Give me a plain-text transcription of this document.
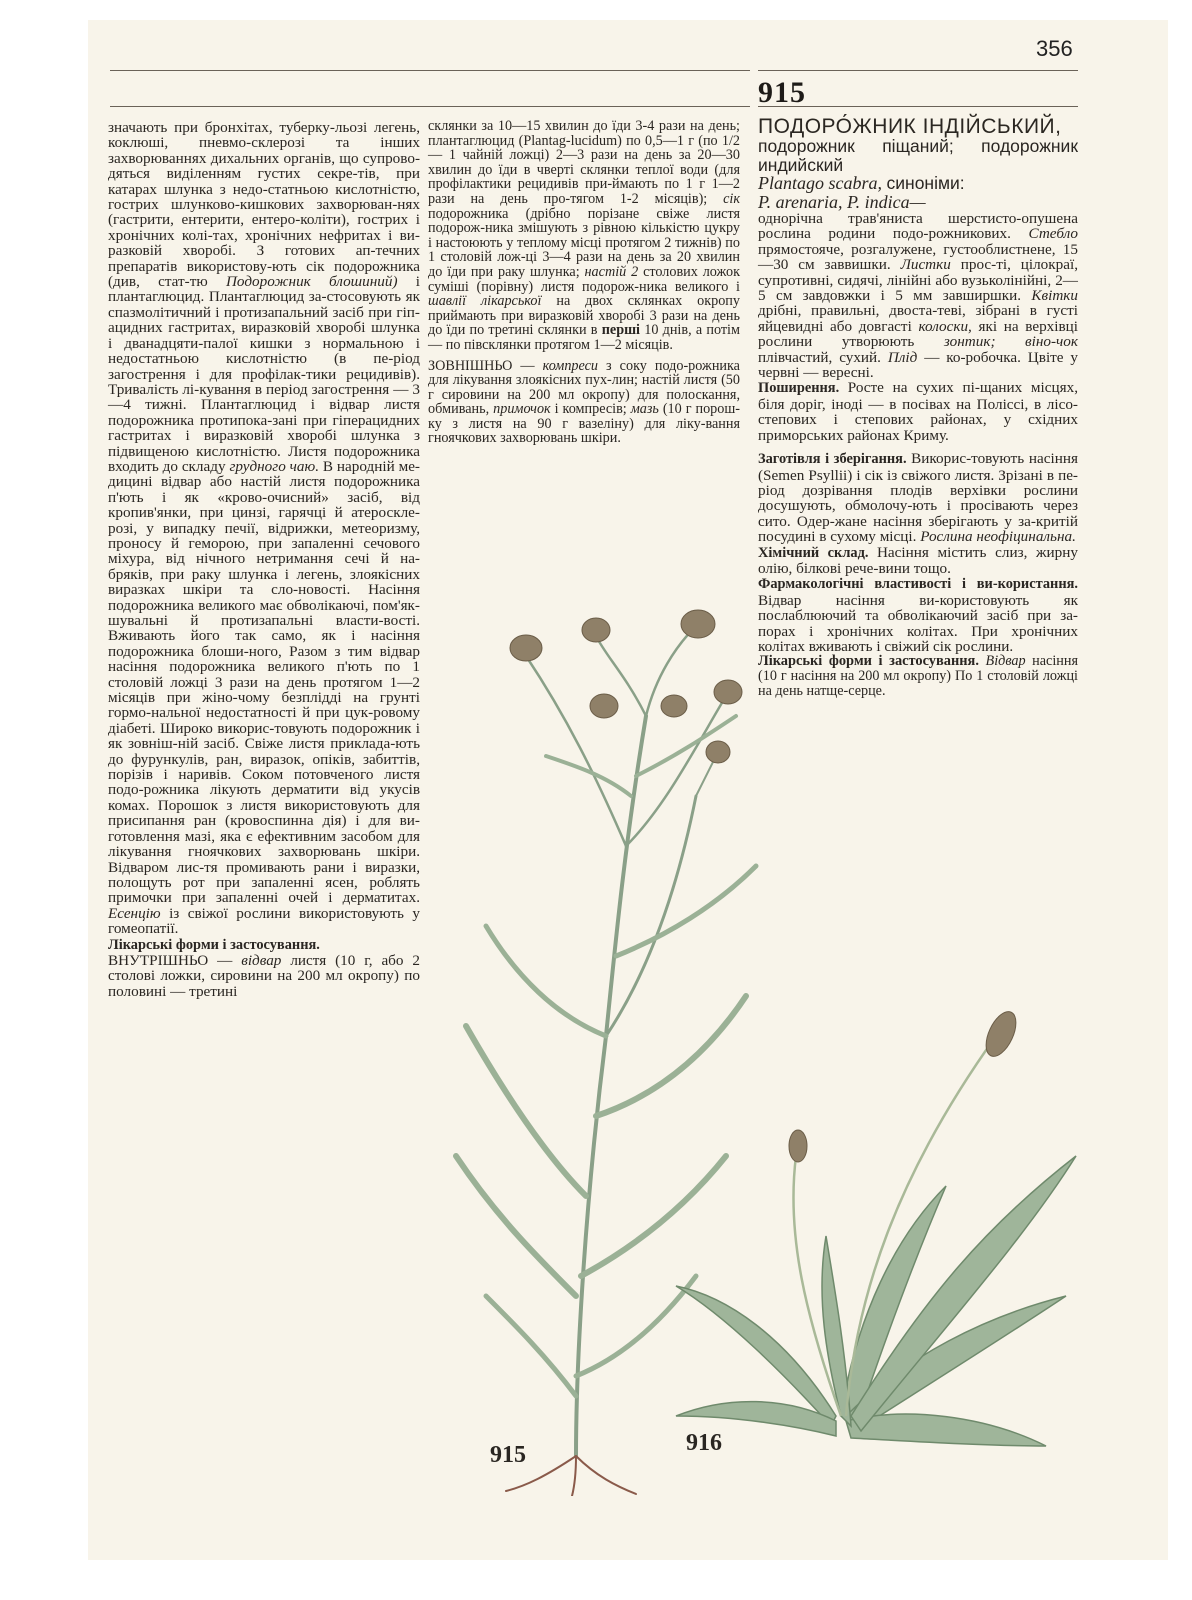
356
915

значають при бронхітах, туберку-льозі легень, коклюші, пневмо-склерозі та інших захворюваннях дихальних органів, що супрово-дяться виділенням густих секре-тів, при катарах шлунка з недо-статньою кислотністю, гострих шлунково-кишкових захворюван-нях (гастрити, ентерити, ентеро-коліти), гострих і хронічних колі-тах, хронічних нефритах і ви-разковій хворобі. З готових ап-течних препаратів використову-ють сік подорожника (див, стат-тю Подорожник блошиний) і плантаглюцид. Плантаглюцид за-стосовують як спазмолітичний і протизапальний засіб при гіп-ацидних гастритах, виразковій хворобі шлунка і дванадцяти-палої кишки з нормальною і недостатньою кислотністю (в пе-ріод загострення і для профілак-тики рецидивів). Тривалість лі-кування в період загострення — 3—4 тижні. Плантаглюцид і відвар листя подорожника протипока-зані при гіперацидних гастритах і виразковій хворобі шлунка з підвищеною кислотністю. Листя подорожника входить до складу грудного чаю. В народній ме-дицині відвар або настій листя подорожника п'ють і як «крово-очисний» засіб, від кропив'янки, при цинзі, гарячці й атероскле-розі, у випадку печії, відрижки, метеоризму, проносу й геморою, при запаленні сечового міхура, від нічного нетримання сечі й на-бряків, при раку шлунка і легень, злоякісних виразках шкіри та сло-новості. Насіння подорожника великого має обволікаючі, пом'як-шувальні й протизапальні власти-вості. Вживають його так само, як і насіння подорожника блоши-ного, Разом з тим відвар насіння подорожника великого п'ють по 1 столовій ложці 3 рази на день протягом 1—2 місяців при жіно-чому безплідді на грунті гормо-нальної недостатності й при цук-ровому діабеті. Широко викорис-товують подорожник і як зовніш-ній засіб. Свіже листя приклада-ють до фурункулів, ран, виразок, опіків, забиттів, порізів і наривів. Соком потовченого листя подо-рожника лікують дерматити від укусів комах. Порошок з листя використовують для присипання ран (кровоспинна дія) і для ви-готовлення мазі, яка є ефективним засобом для лікування гноячкових захворювань шкіри. Відваром лис-тя промивають рани і виразки, полощуть рот при запаленні ясен, роблять примочки при запаленні очей і дерматитах. Есенцію із свіжої рослини використовують у гомеопатії.

Лікарські форми і застосування.
ВНУТРІШНЬО — відвар листя (10 г, або 2 столові ложки, сировини на 200 мл окропу) по половині — третині

склянки за 10—15 хвилин до їди 3-4 рази на день; плантаглюцид (Plantag-lucidum) по 0,5—1 г (по 1/2 — 1 чайній ложці) 2—3 рази на день за 20—30 хвилин до їди в чверті склянки теплої води (для профілактики рецидивів при-ймають по 1 г 1—2 рази на день про-тягом 1-2 місяців); сік подорожника (дрібно порізане свіже листя подорож-ника змішують з рівною кількістю цукру і настоюють у теплому місці протягом 2 тижнів) по 1 столовій лож-ці 3—4 рази на день за 20 хвилин до їди при раку шлунка; настій 2 столових ложок суміші (порівну) листя подорож-ника великого і шавлії лікарської на двох склянках окропу приймають при виразковій хворобі 3 рази на день до їди по третині склянки в перші 10 днів, а потім— по півсклянки протягом 1—2 місяців.

ЗОВНІШНЬО — компреси з соку подо-рожника для лікування злоякісних пух-лин; настій листя (50 г сировини на 200 мл окропу) для полоскання, обмивань, примочок і компресів; мазь (10 г порош-ку з листя на 90 г вазеліну) для ліку-вання гноячкових захворювань шкіри.

ПОДОРО́ЖНИК ІНДІЙСЬКИЙ,

подорожник піщаний; подорожник индийский

Plantago scabra, синоніми:
P. arenaria, P. indica—

однорічна трав'яниста шерстисто-опушена рослина родини подо-рожникових. Стебло прямостояче, розгалужене, густооблистнене, 15—30 см заввишки. Листки прос-ті, цілокраї, супротивні, сидячі, лінійні або вузьколінійні, 2—5 см завдовжки і 5 мм завширшки. Квітки дрібні, правильні, двоста-теві, зібрані в густі яйцевидні або довгасті колоски, які на верхівці рослини утворюють зонтик; віно-чок плівчастий, сухий. Плід — ко-робочка. Цвіте у червні — вересні.

Поширення. Росте на сухих пі-щаних місцях, біля доріг, іноді — в посівах на Поліссі, в лісо-степових і степових районах, у східних приморських районах Криму.

Заготівля і зберігання. Викорис-товують насіння (Semen Psyllii) і сік із свіжого листя. Зрізані в пе-ріод дозрівання плодів верхівки рослини досушують, обмолочу-ють і просівають через сито. Одер-жане насіння зберігають у за-критій посудині в сухому місці. Рослина неофіцинальна.

Хімічний склад. Насіння містить слиз, жирну олію, білкові рече-вини тощо.

Фармакологічні властивості і ви-користання. Відвар насіння ви-користовують як послаблюючий та обволікаючий засіб при за-порах і хронічних колітах. При хронічних колітах вживають і свіжий сік рослини.

Лікарські форми і застосування. Відвар насіння (10 г насіння на 200 мл окропу) По 1 столовій ложці на день натще-серце.

915	916
